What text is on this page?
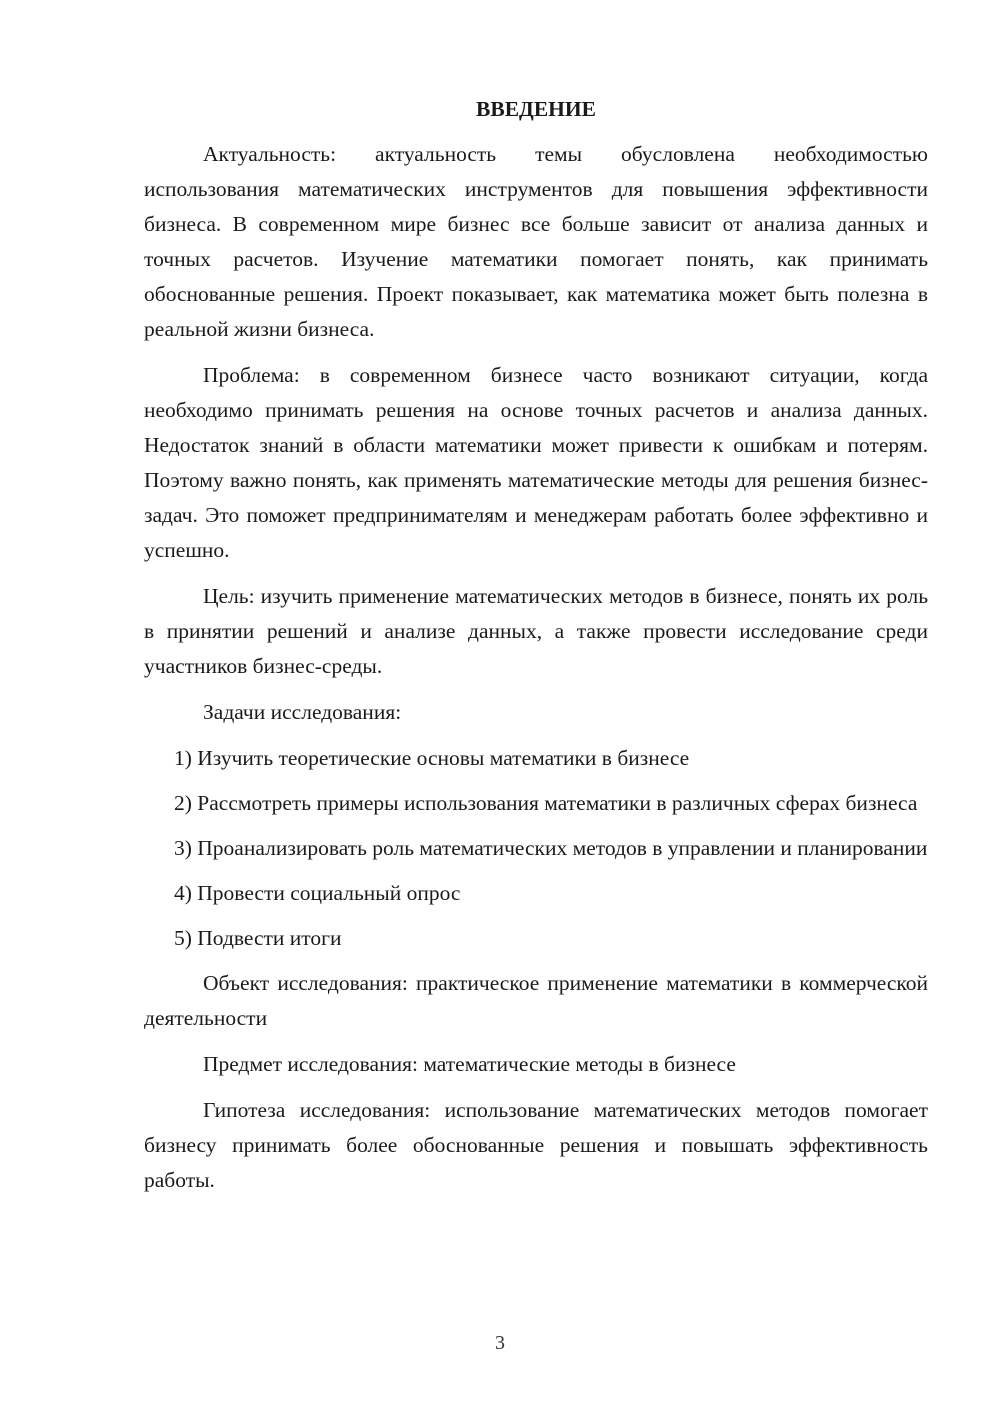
ВВЕДЕНИЕ

Актуальность: актуальность темы обусловлена необходимостью использования математических инструментов для повышения эффективности бизнеса. В современном мире бизнес все больше зависит от анализа данных и точных расчетов. Изучение математики помогает понять, как принимать обоснованные решения. Проект показывает, как математика может быть полезна в реальной жизни бизнеса.

Проблема: в современном бизнесе часто возникают ситуации, когда необходимо принимать решения на основе точных расчетов и анализа данных. Недостаток знаний в области математики может привести к ошибкам и потерям. Поэтому важно понять, как применять математические методы для решения бизнес-задач. Это поможет предпринимателям и менеджерам работать более эффективно и успешно.

Цель: изучить применение математических методов в бизнесе, понять их роль в принятии решений и анализе данных, а также провести исследование среди участников бизнес-среды.

Задачи исследования:

1) Изучить теоретические основы математики в бизнесе

2) Рассмотреть примеры использования математики в различных сферах бизнеса

3) Проанализировать роль математических методов в управлении и планировании

4) Провести социальный опрос

5) Подвести итоги

Объект исследования: практическое применение математики в коммерческой деятельности

Предмет исследования: математические методы в бизнесе

Гипотеза исследования: использование математических методов помогает бизнесу принимать более обоснованные решения и повышать эффективность работы.

3
